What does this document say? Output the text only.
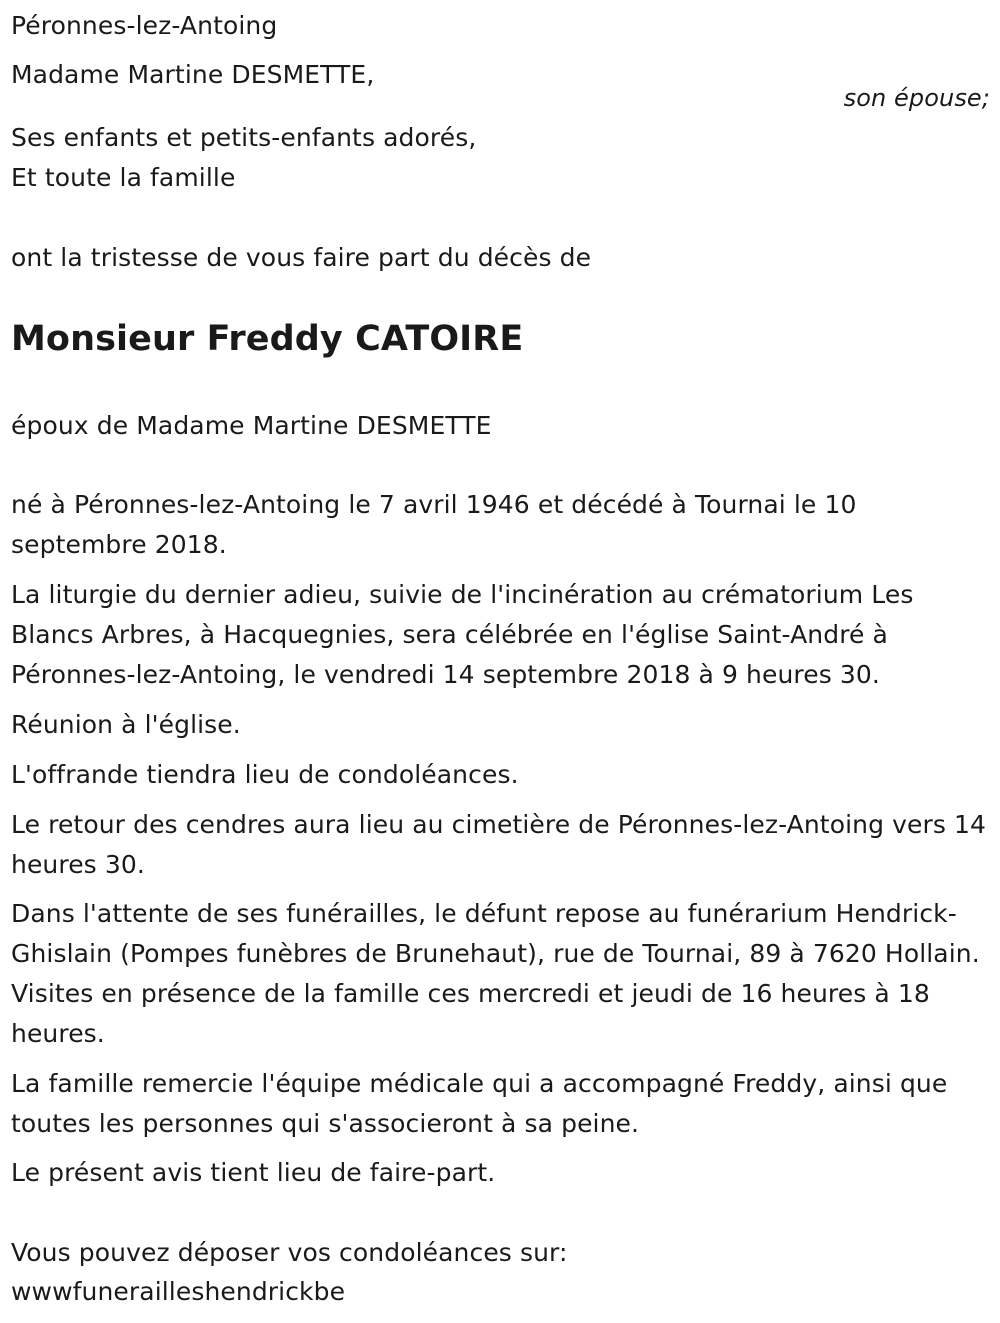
Péronnes-lez-Antoing
Madame Martine DESMETTE,
son épouse;
Ses enfants et petits-enfants adorés,
Et toute la famille
ont la tristesse de vous faire part du décès de
Monsieur Freddy CATOIRE
époux de Madame Martine DESMETTE
né à Péronnes-lez-Antoing le 7 avril 1946 et décédé à Tournai le 10 septembre 2018.
La liturgie du dernier adieu, suivie de l'incinération au crématorium Les Blancs Arbres, à Hacquegnies, sera célébrée en l'église Saint-André à Péronnes-lez-Antoing, le vendredi 14 septembre 2018 à 9 heures 30.
Réunion à l'église.
L'offrande tiendra lieu de condoléances.
Le retour des cendres aura lieu au cimetière de Péronnes-lez-Antoing vers 14 heures 30.
Dans l'attente de ses funérailles, le défunt repose au funérarium Hendrick-Ghislain (Pompes funèbres de Brunehaut), rue de Tournai, 89 à 7620 Hollain. Visites en présence de la famille ces mercredi et jeudi de 16 heures à 18 heures.
La famille remercie l'équipe médicale qui a accompagné Freddy, ainsi que toutes les personnes qui s'associeront à sa peine.
Le présent avis tient lieu de faire-part.
Vous pouvez déposer vos condoléances sur:
wwwfunerailleshendrickbe
